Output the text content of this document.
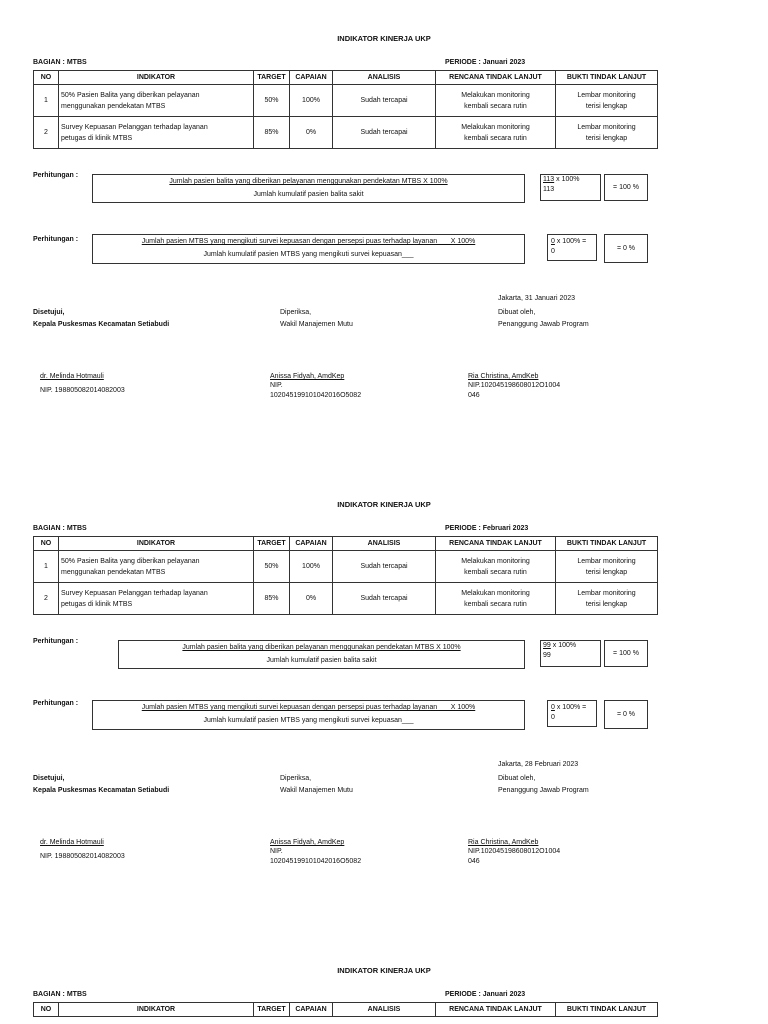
INDIKATOR KINERJA UKP
BAGIAN : MTBS	PERIODE : Januari 2023
NO	INDIKATOR	TARGET	CAPAIAN	ANALISIS	RENCANA TINDAK LANJUT	BUKTI TINDAK LANJUT
1	50% Pasien Balita yang diberikan pelayanan
menggunakan pendekatan MTBS	50%	100%	Sudah tercapai	Melakukan monitoring
kembali secara rutin	Lembar monitoring
terisi lengkap
2	Survey Kepuasan Pelanggan terhadap layanan
petugas di klinik MTBS	85%	0%	Sudah tercapai	Melakukan monitoring
kembali secara rutin	Lembar monitoring
terisi lengkap
Perhitungan :
Jumlah pasien balita yang diberikan pelayanan menggunakan pendekatan MTBS X 100%
Jumlah kumulatif pasien balita sakit
113 x 100%
113	= 100 %
Perhitungan :	Jumlah pasien MTBS yang mengikuti survei kepuasan dengan persepsi puas terhadap layanan ___X 100%
Jumlah kumulatif pasien MTBS yang mengikuti survei kepuasan___
0 x 100% =
0	= 0 %
Jakarta, 31 Januari 2023
Disetujui,
Kepala Puskesmas Kecamatan Setiabudi
Diperiksa,
Wakil Manajemen Mutu
Dibuat oleh,
Penanggung Jawab Program
dr. Melinda Hotmauli
NIP. 198805082014082003
Anissa Fidyah, AmdKep
NIP.
102045199101042016O5082
Ria Christina, AmdKeb
NIP.102045198608012O1004
046
INDIKATOR KINERJA UKP
BAGIAN : MTBS	PERIODE : Februari 2023
NO	INDIKATOR	TARGET	CAPAIAN	ANALISIS	RENCANA TINDAK LANJUT	BUKTI TINDAK LANJUT
1	50% Pasien Balita yang diberikan pelayanan
menggunakan pendekatan MTBS	50%	100%	Sudah tercapai	Melakukan monitoring
kembali secara rutin	Lembar monitoring
terisi lengkap
2	Survey Kepuasan Pelanggan terhadap layanan
petugas di klinik MTBS	85%	0%	Sudah tercapai	Melakukan monitoring
kembali secara rutin	Lembar monitoring
terisi lengkap
Perhitungan :
Jumlah pasien balita yang diberikan pelayanan menggunakan pendekatan MTBS X 100%
Jumlah kumulatif pasien balita sakit
99 x 100%
99	= 100 %
Perhitungan :
Jumlah pasien MTBS yang mengikuti survei kepuasan dengan persepsi puas terhadap layanan ___X 100%
Jumlah kumulatif pasien MTBS yang mengikuti survei kepuasan___
0 x 100% =
0	= 0 %
Jakarta, 28 Februari 2023
Disetujui,
Kepala Puskesmas Kecamatan Setiabudi
Diperiksa,
Wakil Manajemen Mutu
Dibuat oleh,
Penanggung Jawab Program
dr. Melinda Hotmauli
NIP. 198805082014082003
Anissa Fidyah, AmdKep
NIP.
102045199101042016O5082
Ria Christina, AmdKeb
NIP.102045198608012O1004
046
INDIKATOR KINERJA UKP
BAGIAN : MTBS	PERIODE : Januari 2023
NO	INDIKATOR	TARGET	CAPAIAN	ANALISIS	RENCANA TINDAK LANJUT	BUKTI TINDAK LANJUT
